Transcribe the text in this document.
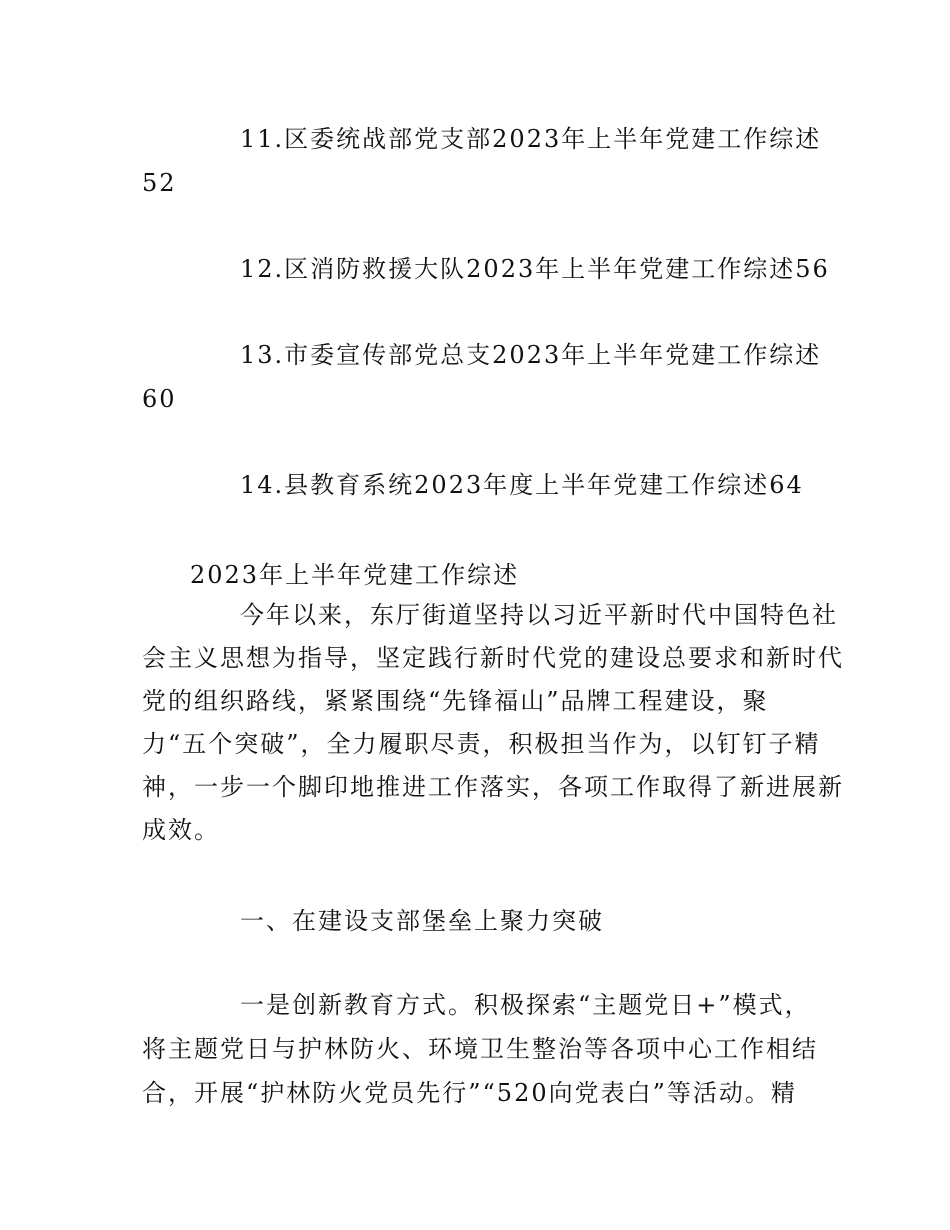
11.区委统战部党支部2023年上半年党建工作综述
52
12.区消防救援大队2023年上半年党建工作综述56
13.市委宣传部党总支2023年上半年党建工作综述
60
14.县教育系统2023年度上半年党建工作综述64
2023年上半年党建工作综述
今年以来，东厅街道坚持以习近平新时代中国特色社
会主义思想为指导，坚定践行新时代党的建设总要求和新时代
党的组织路线，紧紧围绕“先锋福山”品牌工程建设，聚
力“五个突破”，全力履职尽责，积极担当作为，以钉钉子精
神，一步一个脚印地推进工作落实，各项工作取得了新进展新
成效。
一、在建设支部堡垒上聚力突破
一是创新教育方式。积极探索“主题党日+”模式，
将主题党日与护林防火、环境卫生整治等各项中心工作相结
合，开展“护林防火党员先行”“520向党表白”等活动。精
